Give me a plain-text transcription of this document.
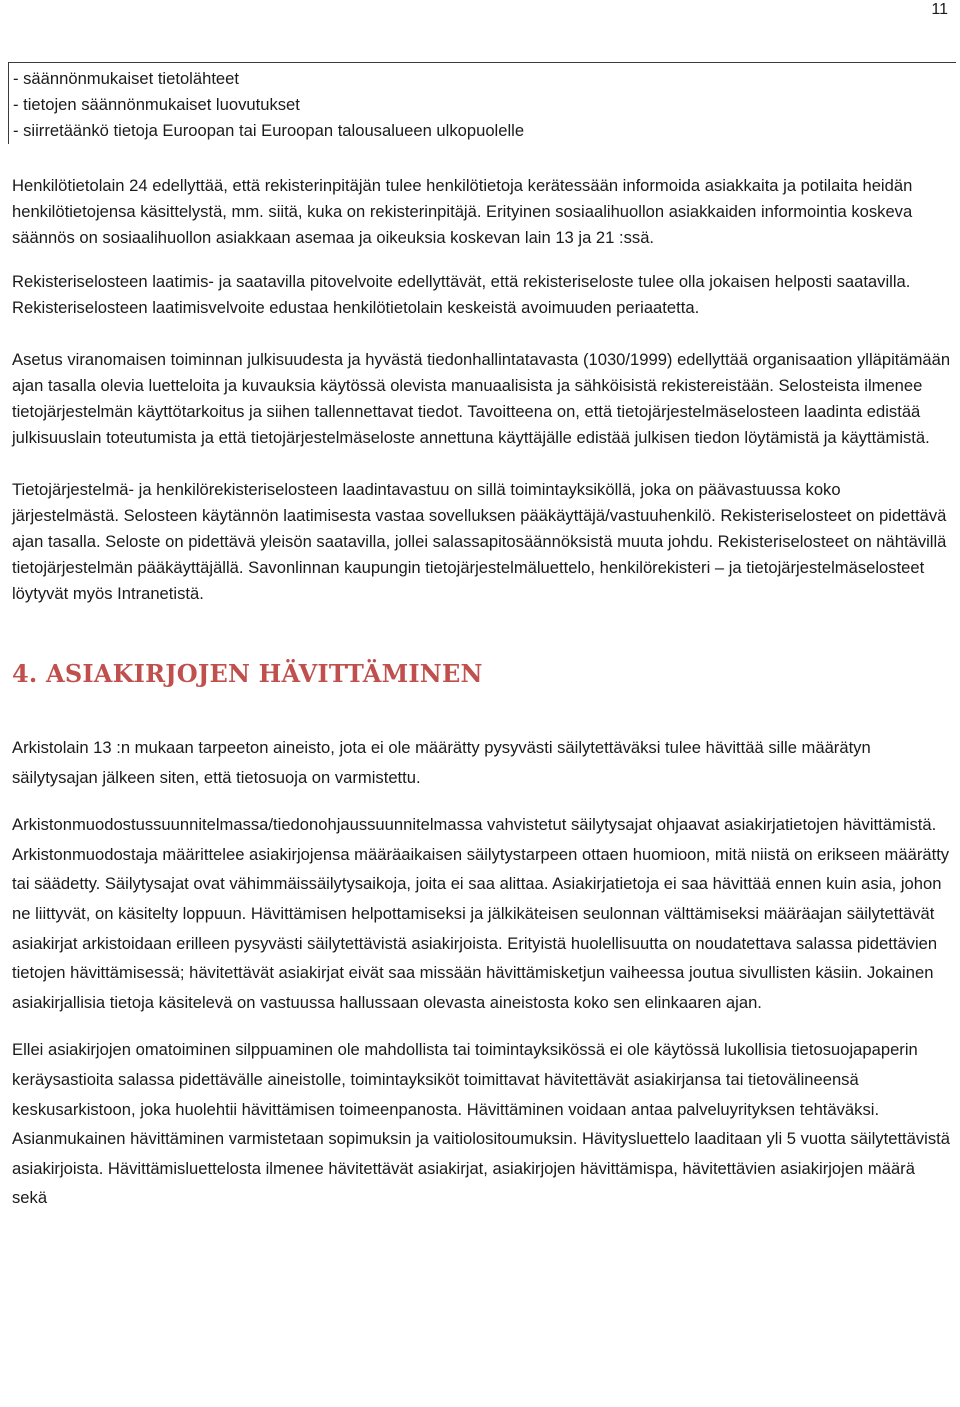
11
- säännönmukaiset tietolähteet
- tietojen säännönmukaiset luovutukset
- siirretäänkö tietoja Euroopan tai Euroopan talousalueen ulkopuolelle

Henkilötietolain 24 edellyttää, että rekisterinpitäjän tulee henkilötietoja kerätessään informoida asiakkaita ja potilaita heidän henkilötietojensa käsittelystä, mm. siitä, kuka on rekisterinpitäjä. Erityinen sosiaalihuollon asiakkaiden informointia koskeva säännös on sosiaalihuollon asiakkaan asemaa ja oikeuksia koskevan lain 13 ja 21 :ssä.

Rekisteriselosteen laatimis- ja saatavilla pitovelvoite edellyttävät, että rekisteriseloste tulee olla jokaisen helposti saatavilla. Rekisteriselosteen laatimisvelvoite edustaa henkilötietolain keskeistä avoimuuden periaatetta.

Asetus viranomaisen toiminnan julkisuudesta ja hyvästä tiedonhallintatavasta (1030/1999) edellyttää organisaation ylläpitämään ajan tasalla olevia luetteloita ja kuvauksia käytössä olevista manuaalisista ja sähköisistä rekistereistään. Selosteista ilmenee tietojärjestelmän käyttötarkoitus ja siihen tallennettavat tiedot. Tavoitteena on, että tietojärjestelmäselosteen laadinta edistää julkisuuslain toteutumista ja että tietojärjestelmäseloste annettuna käyttäjälle edistää julkisen tiedon löytämistä ja käyttämistä.

Tietojärjestelmä- ja henkilörekisteriselosteen laadintavastuu on sillä toimintayksiköllä, joka on päävastuussa koko järjestelmästä. Selosteen käytännön laatimisesta vastaa sovelluksen pääkäyttäjä/vastuuhenkilö. Rekisteriselosteet on pidettävä ajan tasalla. Seloste on pidettävä yleisön saatavilla, jollei salassapitosäännöksistä muuta johdu. Rekisteriselosteet on nähtävillä tietojärjestelmän pääkäyttäjällä. Savonlinnan kaupungin tietojärjestelmäluettelo, henkilörekisteri – ja tietojärjestelmäselosteet löytyvät myös Intranetistä.

4. ASIAKIRJOJEN HÄVITTÄMINEN

Arkistolain 13 :n mukaan tarpeeton aineisto, jota ei ole määrätty pysyvästi säilytettäväksi tulee hävittää sille määrätyn säilytysajan jälkeen siten, että tietosuoja on varmistettu.

Arkistonmuodostussuunnitelmassa/tiedonohjaussuunnitelmassa vahvistetut säilytysajat ohjaavat asiakirjatietojen hävittämistä. Arkistonmuodostaja määrittelee asiakirjojensa määräaikaisen säilytystarpeen ottaen huomioon, mitä niistä on erikseen määrätty tai säädetty. Säilytysajat ovat vähimmäissäilytysaikoja, joita ei saa alittaa. Asiakirjatietoja ei saa hävittää ennen kuin asia, johon ne liittyvät, on käsitelty loppuun. Hävittämisen helpottamiseksi ja jälkikäteisen seulonnan välttämiseksi määräajan säilytettävät asiakirjat arkistoidaan erilleen pysyvästi säilytettävistä asiakirjoista. Erityistä huolellisuutta on noudatettava salassa pidettävien tietojen hävittämisessä; hävitettävät asiakirjat eivät saa missään hävittämisketjun vaiheessa joutua sivullisten käsiin. Jokainen asiakirjallisia tietoja käsitelevä on vastuussa hallussaan olevasta aineistosta koko sen elinkaaren ajan.

Ellei asiakirjojen omatoiminen silppuaminen ole mahdollista tai toimintayksikössä ei ole käytössä lukollisia tietosuojapaperin keräysastioita salassa pidettävälle aineistolle, toimintayksiköt toimittavat hävitettävät asiakirjansa tai tietovälineensä keskusarkistoon, joka huolehtii hävittämisen toimeenpanosta. Hävittäminen voidaan antaa palveluyrityksen tehtäväksi. Asianmukainen hävittäminen varmistetaan sopimuksin ja vaitiolositoumuksin. Hävitysluettelo laaditaan yli 5 vuotta säilytettävistä asiakirjoista. Hävittämisluettelosta ilmenee hävitettävät asiakirjat, asiakirjojen hävittämispa, hävitettävien asiakirjojen määrä sekä
